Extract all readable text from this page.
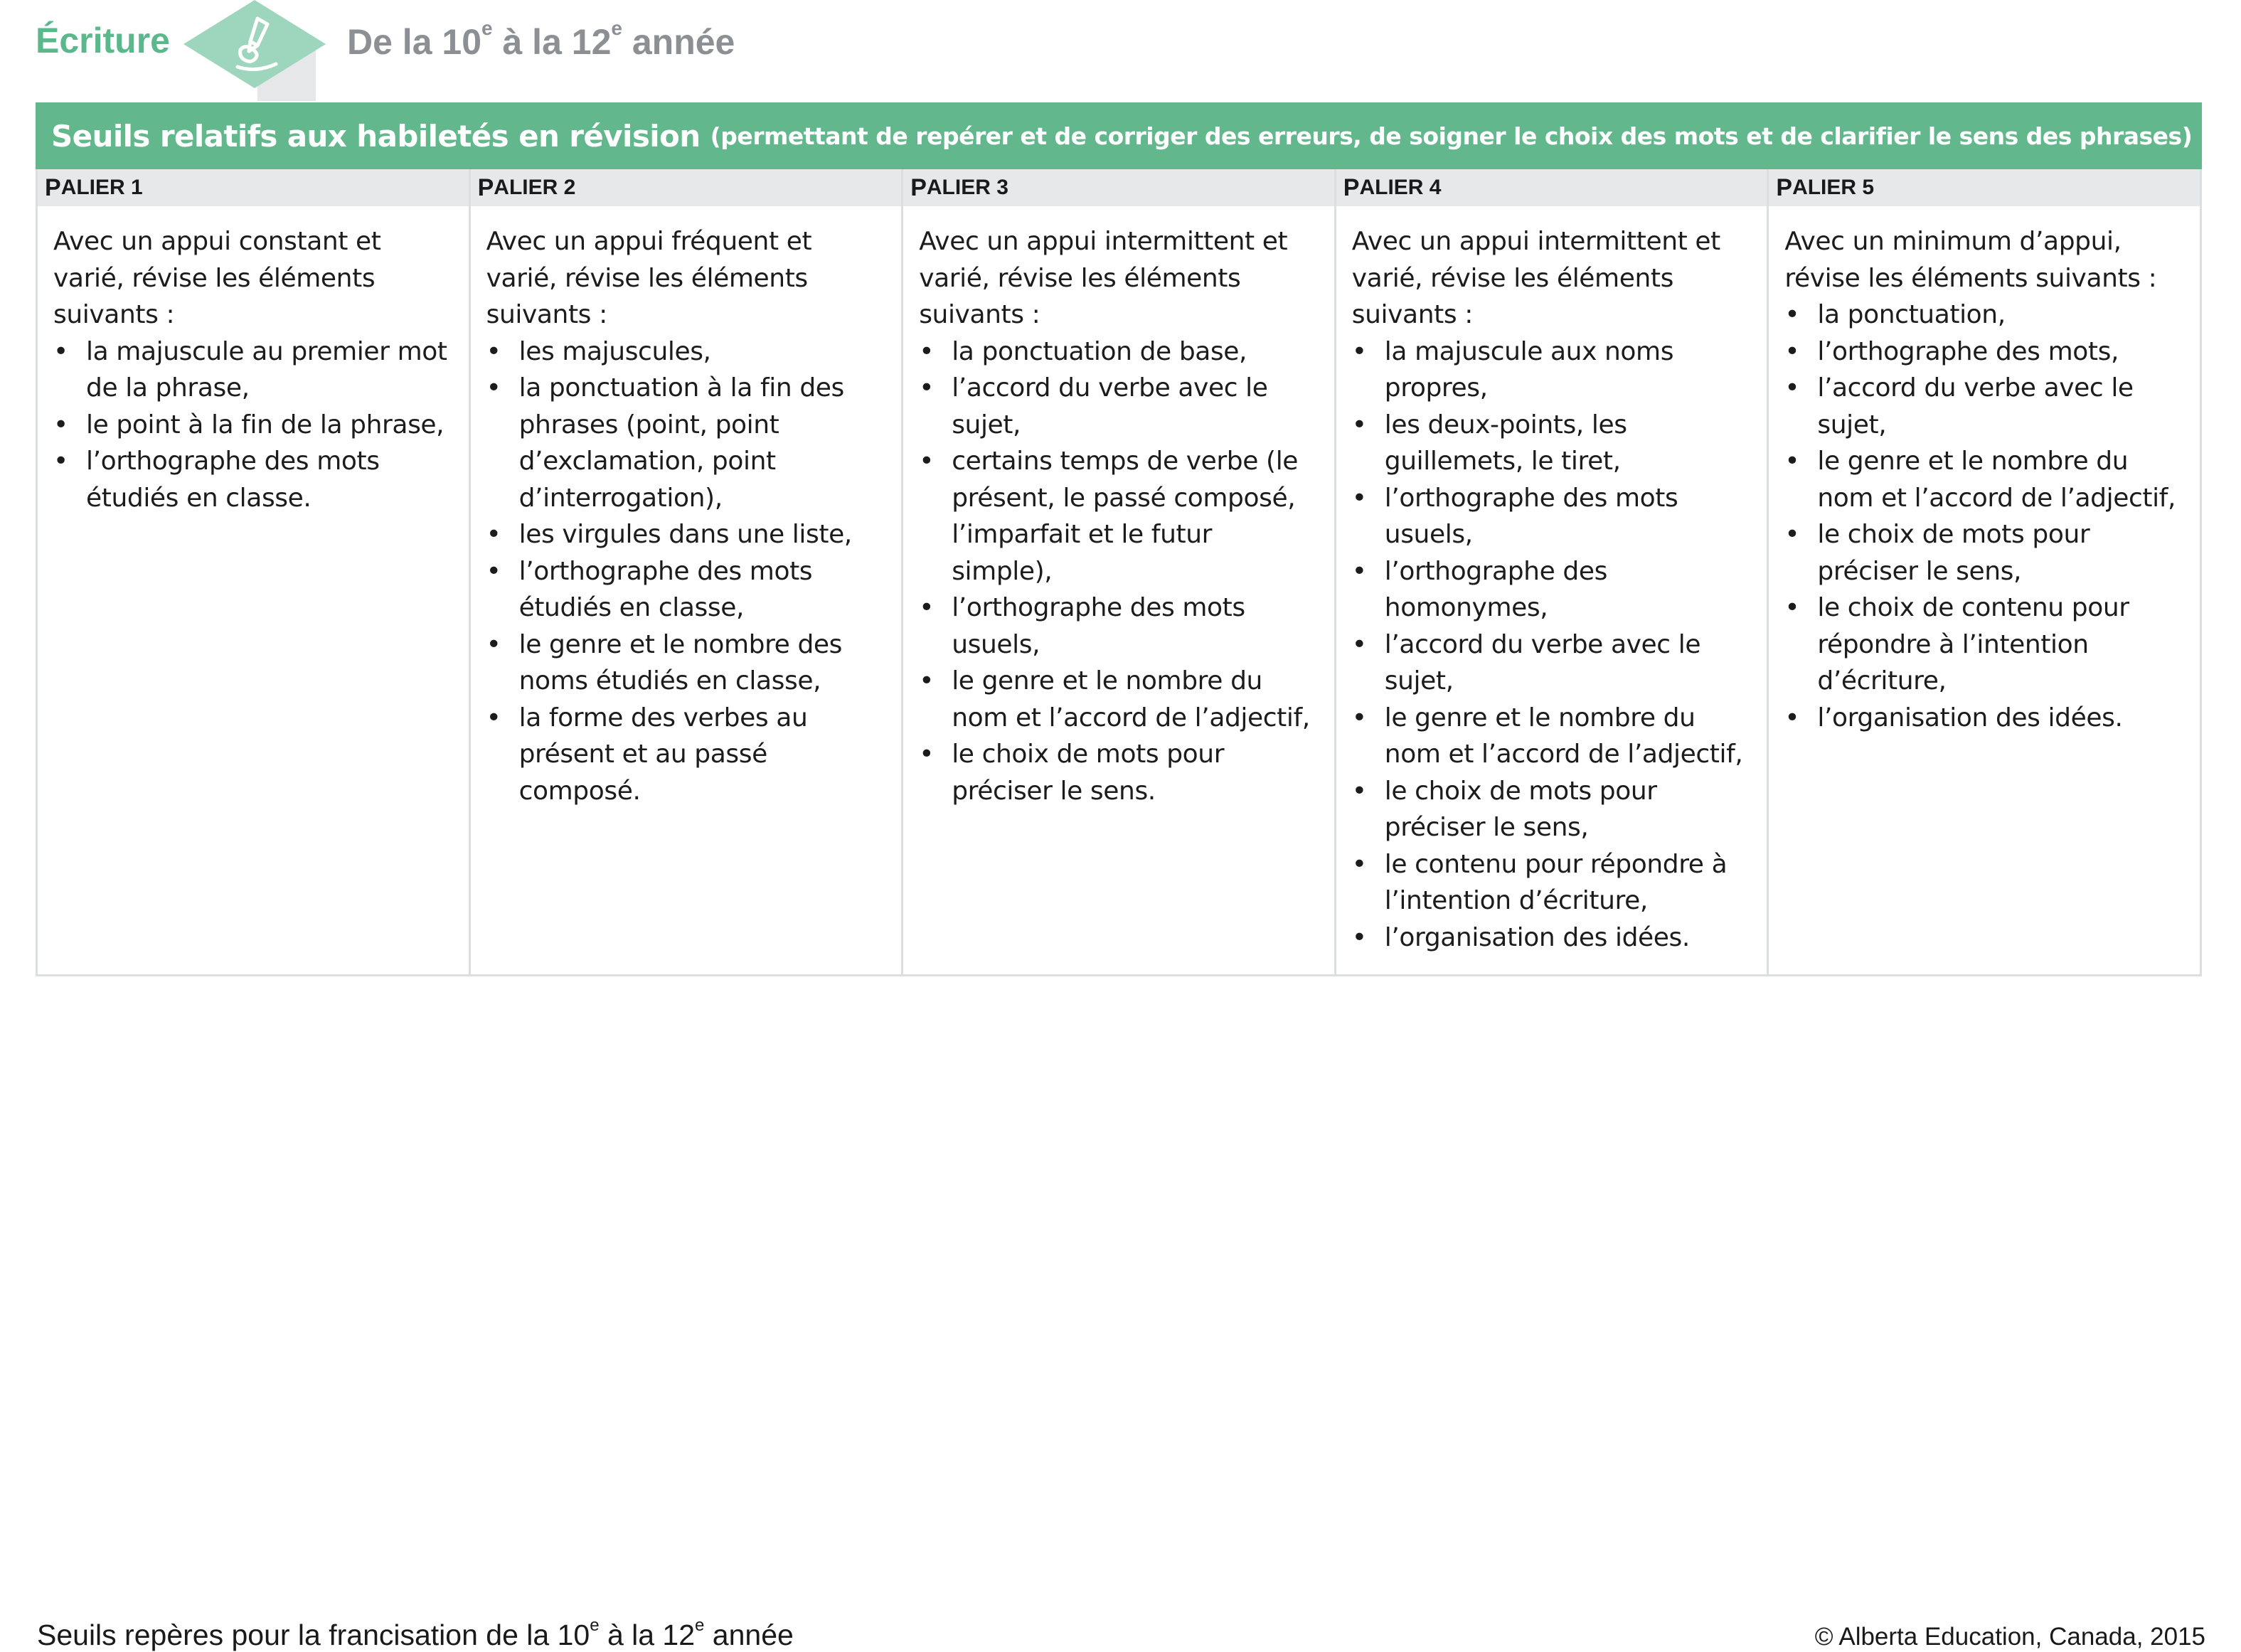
Écriture	De la 10e à la 12e année
Seuils relatifs aux habiletés en révision (permettant de repérer et de corriger des erreurs, de soigner le choix des mots et de clarifier le sens des phrases)
P ALIER 1

Avec un appui constant et varié, révise les éléments suivants :

• la majuscule au premier mot de la phrase,
• le point à la fin de la phrase,
• l’orthographe des mots étudiés en classe.
P ALIER 2

Avec un appui fréquent et varié, révise les éléments suivants :

• les majuscules,
• la ponctuation à la fin des phrases (point, point d’exclamation, point d’interrogation),
• les virgules dans une liste,
• l’orthographe des mots étudiés en classe,
• le genre et le nombre des noms étudiés en classe,
• la forme des verbes au présent et au passé composé.
P ALIER 3

Avec un appui intermittent et varié, révise les éléments suivants :

• la ponctuation de base,
• l’accord du verbe avec le sujet,
• certains temps de verbe (le présent, le passé composé, l’imparfait et le futur simple),
• l’orthographe des mots usuels,
• le genre et le nombre du nom et l’accord de l’adjectif,
• le choix de mots pour préciser le sens.
P ALIER 4

Avec un appui intermittent et varié, révise les éléments suivants :

• la majuscule aux noms propres,
• les deux-points, les guillemets, le tiret,
• l’orthographe des mots usuels,
• l’orthographe des homonymes,
• l’accord du verbe avec le sujet,
• le genre et le nombre du nom et l’accord de l’adjectif,
• le choix de mots pour préciser le sens,
• le contenu pour répondre à l’intention d’écriture,
• l’organisation des idées.
P ALIER 5

Avec un minimum d’appui, révise les éléments suivants :

• la ponctuation,
• l’orthographe des mots,
• l’accord du verbe avec le sujet,
• le genre et le nombre du nom et l’accord de l’adjectif,
• le choix de mots pour préciser le sens,
• le choix de contenu pour répondre à l’intention d’écriture,
• l’organisation des idées.
Seuils repères pour la francisation de la 10e à la 12e année	© Alberta Education, Canada, 2015
